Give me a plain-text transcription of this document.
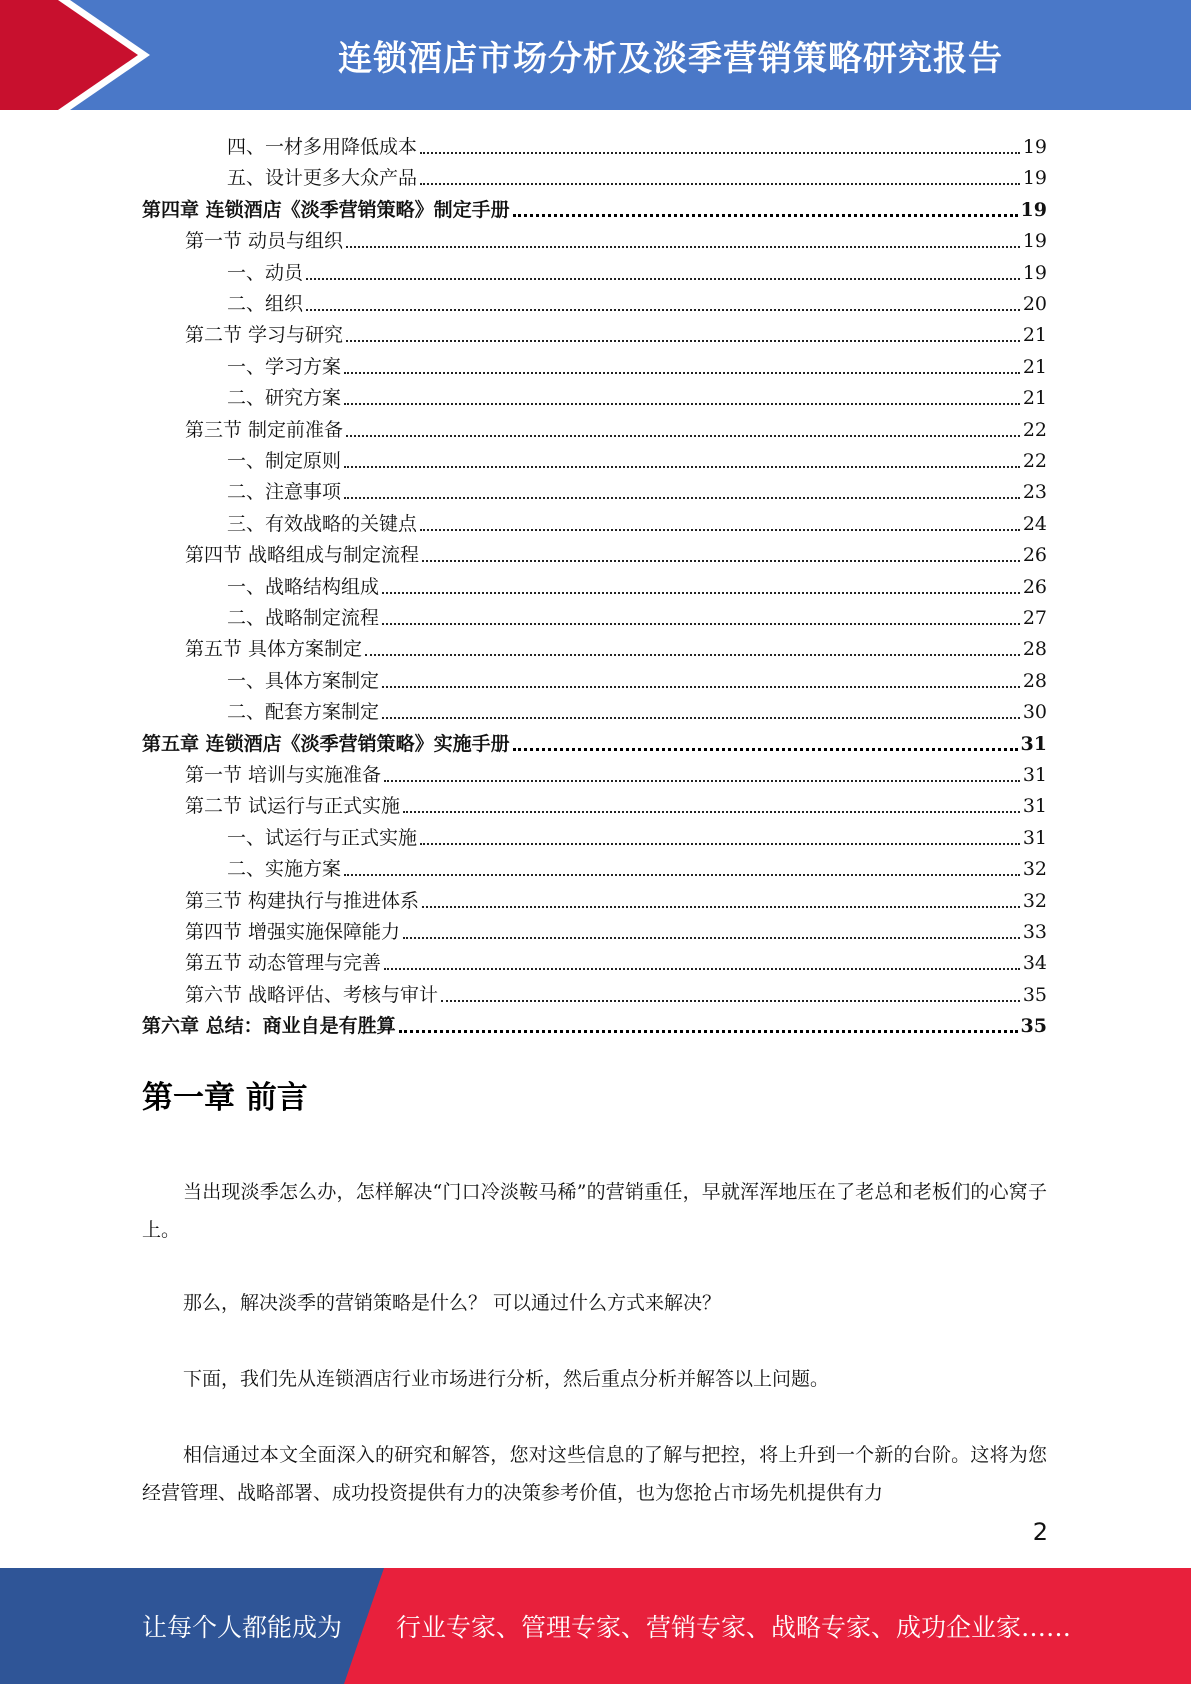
连锁酒店市场分析及淡季营销策略研究报告
四、一材多用降低成本	19
五、设计更多大众产品	19
第四章 连锁酒店《淡季营销策略》制定手册	19
第一节 动员与组织	19
一、动员	19
二、组织	20
第二节 学习与研究	21
一、学习方案	21
二、研究方案	21
第三节 制定前准备	22
一、制定原则	22
二、注意事项	23
三、有效战略的关键点	24
第四节 战略组成与制定流程	26
一、战略结构组成	26
二、战略制定流程	27
第五节 具体方案制定	28
一、具体方案制定	28
二、配套方案制定	30
第五章 连锁酒店《淡季营销策略》实施手册	31
第一节 培训与实施准备	31
第二节 试运行与正式实施	31
一、试运行与正式实施	31
二、实施方案	32
第三节 构建执行与推进体系	32
第四节 增强实施保障能力	33
第五节 动态管理与完善	34
第六节 战略评估、考核与审计	35
第六章 总结：商业自是有胜算	35
第一章 前言
当出现淡季怎么办，怎样解决“门口冷淡鞍马稀”的营销重任，早就浑浑地压在了老总和老板们的心窝子上。
那么，解决淡季的营销策略是什么？ 可以通过什么方式来解决？
下面，我们先从连锁酒店行业市场进行分析，然后重点分析并解答以上问题。
相信通过本文全面深入的研究和解答，您对这些信息的了解与把控，将上升到一个新的台阶。这将为您经营管理、战略部署、成功投资提供有力的决策参考价值，也为您抢占市场先机提供有力
2
让每个人都能成为 行业专家、管理专家、营销专家、战略专家、成功企业家……
